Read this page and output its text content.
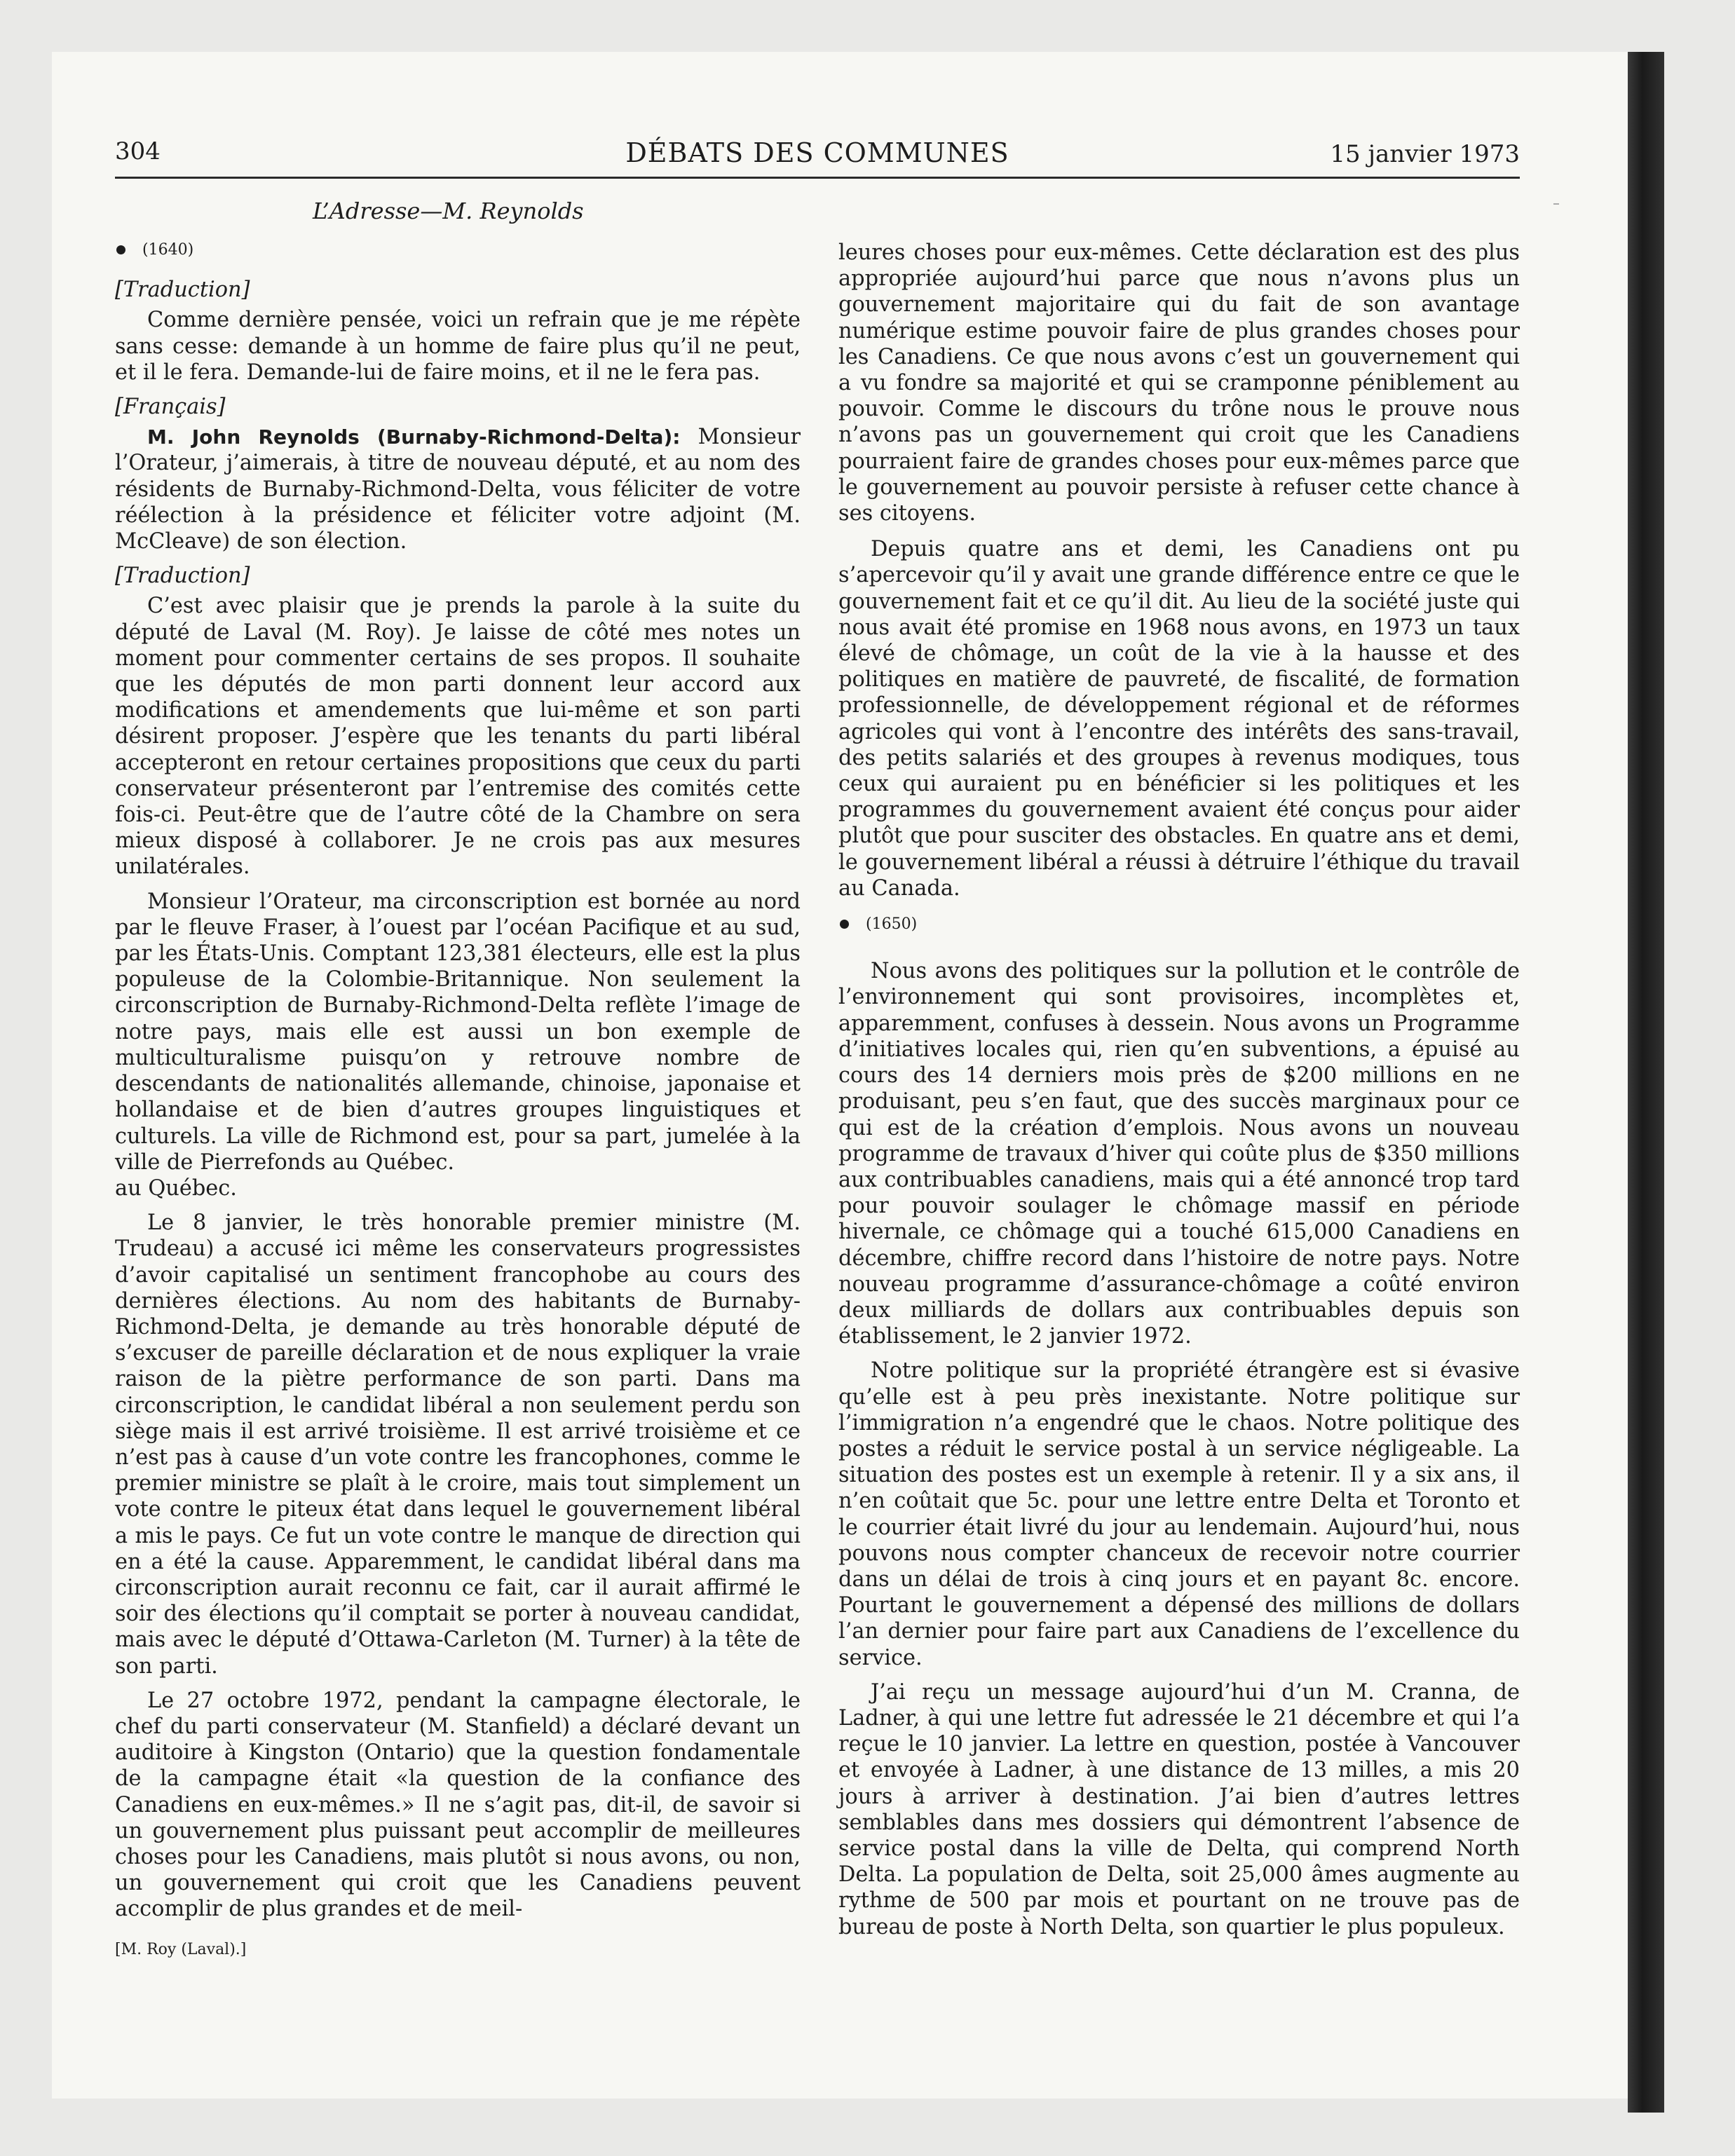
304	DÉBATS DES COMMUNES	15 janvier 1973
L’Adresse—M. Reynolds
(1640)
[Traduction]

Comme dernière pensée, voici un refrain que je me répète sans cesse: demande à un homme de faire plus qu’il ne peut, et il le fera. Demande-lui de faire moins, et il ne le fera pas.

[Français]

M. John Reynolds (Burnaby-Richmond-Delta): Monsieur l’Orateur, j’aimerais, à titre de nouveau député, et au nom des résidents de Burnaby-Richmond-Delta, vous féliciter de votre réélection à la présidence et féliciter votre adjoint (M. McCleave) de son élection.

[Traduction]

C’est avec plaisir que je prends la parole à la suite du député de Laval (M. Roy). Je laisse de côté mes notes un moment pour commenter certains de ses propos. Il souhaite que les députés de mon parti donnent leur accord aux modifications et amendements que lui-même et son parti désirent proposer. J’espère que les tenants du parti libéral accepteront en retour certaines propositions que ceux du parti conservateur présenteront par l’entremise des comités cette fois-ci. Peut-être que de l’autre côté de la Chambre on sera mieux disposé à collaborer. Je ne crois pas aux mesures unilatérales.

Monsieur l’Orateur, ma circonscription est bornée au nord par le fleuve Fraser, à l’ouest par l’océan Pacifique et au sud, par les États-Unis. Comptant 123,381 électeurs, elle est la plus populeuse de la Colombie-Britannique. Non seulement la circonscription de Burnaby-Richmond-Delta reflète l’image de notre pays, mais elle est aussi un bon exemple de multiculturalisme puisqu’on y retrouve nombre de descendants de nationalités allemande, chinoise, japonaise et hollandaise et de bien d’autres groupes linguistiques et culturels. La ville de Richmond est, pour sa part, jumelée à la ville de Pierrefonds au Québec.

au Québec.

Le 8 janvier, le très honorable premier ministre (M. Trudeau) a accusé ici même les conservateurs progressistes d’avoir capitalisé un sentiment francophobe au cours des dernières élections. Au nom des habitants de Burnaby-Richmond-Delta, je demande au très honorable député de s’excuser de pareille déclaration et de nous expliquer la vraie raison de la piètre performance de son parti. Dans ma circonscription, le candidat libéral a non seulement perdu son siège mais il est arrivé troisième. Il est arrivé troisième et ce n’est pas à cause d’un vote contre les francophones, comme le premier ministre se plaît à le croire, mais tout simplement un vote contre le piteux état dans lequel le gouvernement libéral a mis le pays. Ce fut un vote contre le manque de direction qui en a été la cause. Apparemment, le candidat libéral dans ma circonscription aurait reconnu ce fait, car il aurait affirmé le soir des élections qu’il comptait se porter à nouveau candidat, mais avec le député d’Ottawa-Carleton (M. Turner) à la tête de son parti.

Le 27 octobre 1972, pendant la campagne électorale, le chef du parti conservateur (M. Stanfield) a déclaré devant un auditoire à Kingston (Ontario) que la question fondamentale de la campagne était «la question de la confiance des Canadiens en eux-mêmes.» Il ne s’agit pas, dit-il, de savoir si un gouvernement plus puissant peut accomplir de meilleures choses pour les Canadiens, mais plutôt si nous avons, ou non, un gouvernement qui croit que les Canadiens peuvent accomplir de plus grandes et de meil-

[M. Roy (Laval).]

leures choses pour eux-mêmes. Cette déclaration est des plus appropriée aujourd’hui parce que nous n’avons plus un gouvernement majoritaire qui du fait de son avantage numérique estime pouvoir faire de plus grandes choses pour les Canadiens. Ce que nous avons c’est un gouvernement qui a vu fondre sa majorité et qui se cramponne péniblement au pouvoir. Comme le discours du trône nous le prouve nous n’avons pas un gouvernement qui croit que les Canadiens pourraient faire de grandes choses pour eux-mêmes parce que le gouvernement au pouvoir persiste à refuser cette chance à ses citoyens.

Depuis quatre ans et demi, les Canadiens ont pu s’apercevoir qu’il y avait une grande différence entre ce que le gouvernement fait et ce qu’il dit. Au lieu de la société juste qui nous avait été promise en 1968 nous avons, en 1973 un taux élevé de chômage, un coût de la vie à la hausse et des politiques en matière de pauvreté, de fiscalité, de formation professionnelle, de développement régional et de réformes agricoles qui vont à l’encontre des intérêts des sans-travail, des petits salariés et des groupes à revenus modiques, tous ceux qui auraient pu en bénéficier si les politiques et les programmes du gouvernement avaient été conçus pour aider plutôt que pour susciter des obstacles. En quatre ans et demi, le gouvernement libéral a réussi à détruire l’éthique du travail au Canada.

(1650)

Nous avons des politiques sur la pollution et le contrôle de l’environnement qui sont provisoires, incomplètes et, apparemment, confuses à dessein. Nous avons un Programme d’initiatives locales qui, rien qu’en subventions, a épuisé au cours des 14 derniers mois près de $200 millions en ne produisant, peu s’en faut, que des succès marginaux pour ce qui est de la création d’emplois. Nous avons un nouveau programme de travaux d’hiver qui coûte plus de $350 millions aux contribuables canadiens, mais qui a été annoncé trop tard pour pouvoir soulager le chômage massif en période hivernale, ce chômage qui a touché 615,000 Canadiens en décembre, chiffre record dans l’histoire de notre pays. Notre nouveau programme d’assurance-chômage a coûté environ deux milliards de dollars aux contribuables depuis son établissement, le 2 janvier 1972.

Notre politique sur la propriété étrangère est si évasive qu’elle est à peu près inexistante. Notre politique sur l’immigration n’a engendré que le chaos. Notre politique des postes a réduit le service postal à un service négligeable. La situation des postes est un exemple à retenir. Il y a six ans, il n’en coûtait que 5c. pour une lettre entre Delta et Toronto et le courrier était livré du jour au lendemain. Aujourd’hui, nous pouvons nous compter chanceux de recevoir notre courrier dans un délai de trois à cinq jours et en payant 8c. encore. Pourtant le gouvernement a dépensé des millions de dollars l’an dernier pour faire part aux Canadiens de l’excellence du service.

J’ai reçu un message aujourd’hui d’un M. Cranna, de Ladner, à qui une lettre fut adressée le 21 décembre et qui l’a reçue le 10 janvier. La lettre en question, postée à Vancouver et envoyée à Ladner, à une distance de 13 milles, a mis 20 jours à arriver à destination. J’ai bien d’autres lettres semblables dans mes dossiers qui démontrent l’absence de service postal dans la ville de Delta, qui comprend North Delta. La population de Delta, soit 25,000 âmes augmente au rythme de 500 par mois et pourtant on ne trouve pas de bureau de poste à North Delta, son quartier le plus populeux.
